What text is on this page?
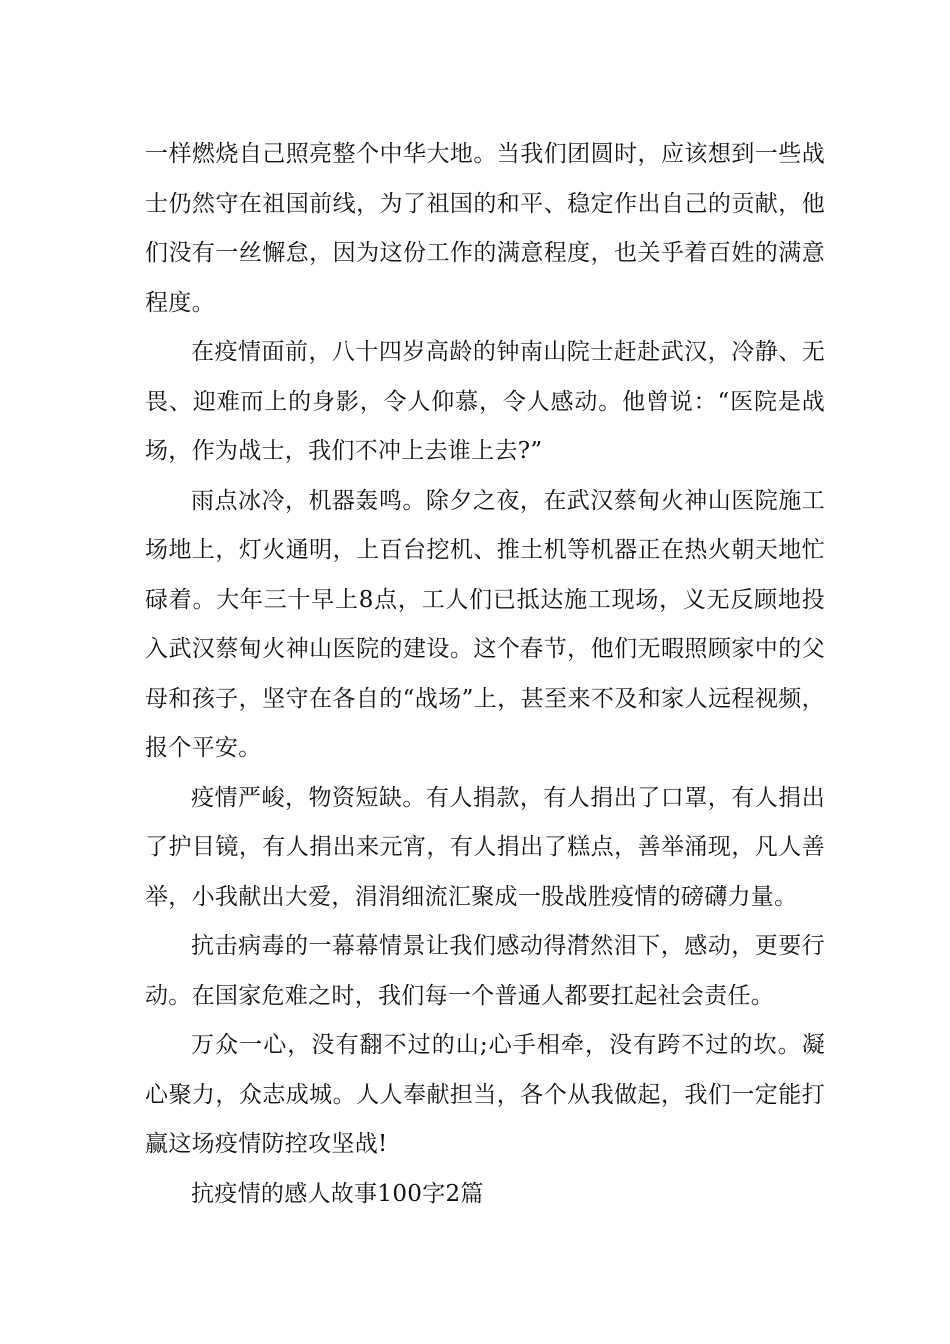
一样燃烧自己照亮整个中华大地。当我们团圆时，应该想到一些战士仍然守在祖国前线，为了祖国的和平、稳定作出自己的贡献，他们没有一丝懈怠，因为这份工作的满意程度，也关乎着百姓的满意程度。

在疫情面前，八十四岁高龄的钟南山院士赶赴武汉，冷静、无畏、迎难而上的身影，令人仰慕，令人感动。他曾说：“医院是战场，作为战士，我们不冲上去谁上去?”

雨点冰冷，机器轰鸣。除夕之夜，在武汉蔡甸火神山医院施工场地上，灯火通明，上百台挖机、推土机等机器正在热火朝天地忙碌着。大年三十早上8点，工人们已抵达施工现场，义无反顾地投入武汉蔡甸火神山医院的建设。这个春节，他们无暇照顾家中的父母和孩子，坚守在各自的“战场”上，甚至来不及和家人远程视频，报个平安。

疫情严峻，物资短缺。有人捐款，有人捐出了口罩，有人捐出了护目镜，有人捐出来元宵，有人捐出了糕点，善举涌现，凡人善举，小我献出大爱，涓涓细流汇聚成一股战胜疫情的磅礴力量。

抗击病毒的一幕幕情景让我们感动得潸然泪下，感动，更要行动。在国家危难之时，我们每一个普通人都要扛起社会责任。

万众一心，没有翻不过的山;心手相牵，没有跨不过的坎。凝心聚力，众志成城。人人奉献担当，各个从我做起，我们一定能打赢这场疫情防控攻坚战!

抗疫情的感人故事100字2篇
